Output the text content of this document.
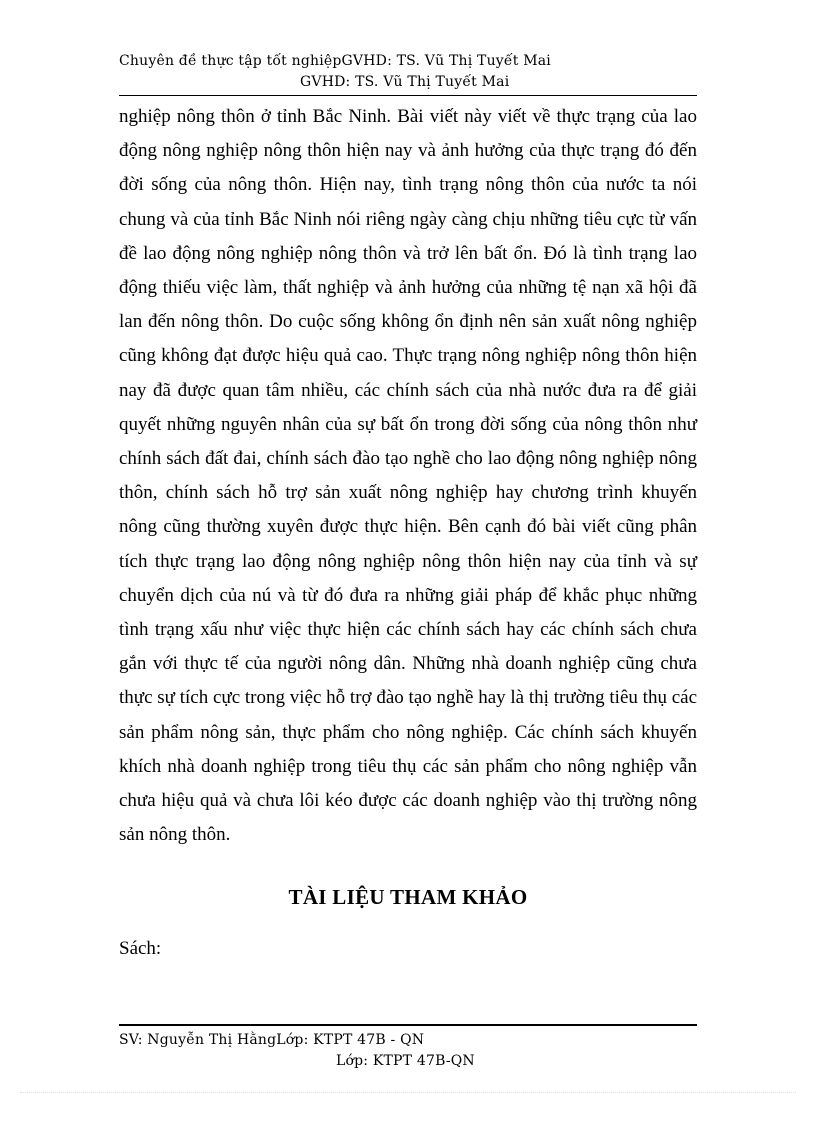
Chuyên đề thực tập tốt nghiệpGVHD: TS. Vũ Thị Tuyết Mai
GVHD: TS. Vũ Thị Tuyết Mai

nghiệp nông thôn ở tỉnh Bắc Ninh. Bài viết này viết về thực trạng của lao động nông nghiệp nông thôn hiện nay và ảnh hưởng của thực trạng đó đến đời sống của nông thôn. Hiện nay, tình trạng nông thôn của nước ta nói chung và của tỉnh Bắc Ninh nói riêng ngày càng chịu những tiêu cực từ vấn đề lao động nông nghiệp nông thôn và trở lên bất ổn. Đó là tình trạng lao động thiếu việc làm, thất nghiệp và ảnh hưởng của những tệ nạn xã hội đã lan đến nông thôn. Do cuộc sống không ổn định nên sản xuất nông nghiệp cũng không đạt được hiệu quả cao. Thực trạng nông nghiệp nông thôn hiện nay đã được quan tâm nhiều, các chính sách của nhà nước đưa ra để giải quyết những nguyên nhân của sự bất ổn trong đời sống của nông thôn như chính sách đất đai, chính sách đào tạo nghề cho lao động nông nghiệp nông thôn, chính sách hỗ trợ sản xuất nông nghiệp hay chương trình khuyến nông cũng thường xuyên được thực hiện. Bên cạnh đó bài viết cũng phân tích thực trạng lao động nông nghiệp nông thôn hiện nay của tỉnh và sự chuyển dịch của nú và từ đó đưa ra những giải pháp để khắc phục những tình trạng xấu như việc thực hiện các chính sách hay các chính sách chưa gắn với thực tế của người nông dân. Những nhà doanh nghiệp cũng chưa thực sự tích cực trong việc hỗ trợ đào tạo nghề hay là thị trường tiêu thụ các sản phẩm nông sản, thực phẩm cho nông nghiệp. Các chính sách khuyến khích nhà doanh nghiệp trong tiêu thụ các sản phẩm cho nông nghiệp vẫn chưa hiệu quả và chưa lôi kéo được các doanh nghiệp vào thị trường nông sản nông thôn.

TÀI LIỆU THAM KHẢO

Sách:

SV: Nguyễn Thị HằngLớp: KTPT 47B - QN
Lớp: KTPT 47B-QN
